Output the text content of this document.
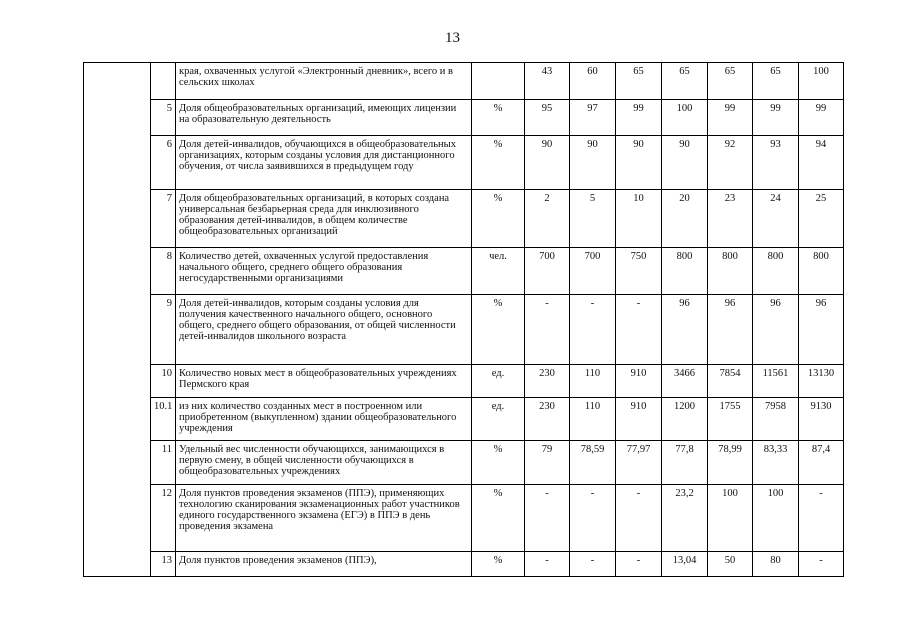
13
		края, охваченных услугой «Электронный дневник», всего и в сельских школах		43	60	65	65	65	65	100
	5	Доля общеобразовательных организаций, имеющих лицензии на образовательную деятельность	%	95	97	99	100	99	99	99
	6	Доля детей-инвалидов, обучающихся в общеобразовательных организациях, которым созданы условия для дистанционного обучения, от числа заявившихся в предыдущем году	%	90	90	90	90	92	93	94
	7	Доля общеобразовательных организаций, в которых создана универсальная безбарьерная среда для инклюзивного образования детей-инвалидов, в общем количестве общеобразовательных организаций	%	2	5	10	20	23	24	25
	8	Количество детей, охваченных услугой предоставления начального общего, среднего общего образования негосударственными организациями	чел.	700	700	750	800	800	800	800
	9	Доля детей-инвалидов, которым созданы условия для получения качественного начального общего, основного общего, среднего общего образования, от общей численности детей-инвалидов школьного возраста	%	-	-	-	96	96	96	96
	10	Количество новых мест в общеобразовательных учреждениях Пермского края	ед.	230	110	910	3466	7854	11561	13130
	10.1	из них количество созданных мест в построенном или приобретенном (выкупленном) здании общеобразовательного учреждения	ед.	230	110	910	1200	1755	7958	9130
	11	Удельный вес численности обучающихся, занимающихся в первую смену, в общей численности обучающихся в общеобразовательных учреждениях	%	79	78,59	77,97	77,8	78,99	83,33	87,4
	12	Доля пунктов проведения экзаменов (ППЭ), применяющих технологию сканирования экзаменационных работ участников единого государственного экзамена (ЕГЭ) в ППЭ в день проведения экзамена	%	-	-	-	23,2	100	100	-
	13	Доля пунктов проведения экзаменов (ППЭ),	%	-	-	-	13,04	50	80	-
